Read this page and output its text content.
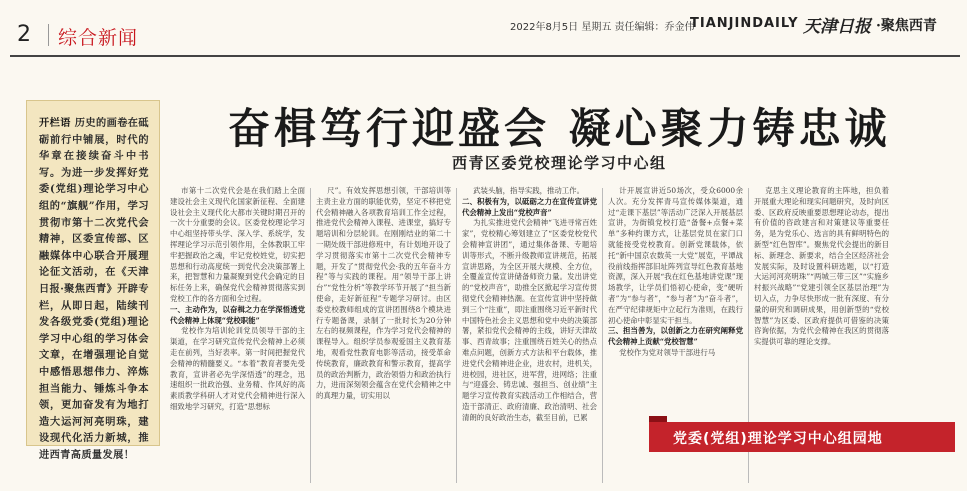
2 综合新闻	2022年8月5日 星期五 责任编辑：乔金伟
TIANJINDAILY 天津日报 ·聚焦西青

开栏语 历史的画卷在砥砺前行中铺展，时代的华章在接续奋斗中书写。为进一步发挥好党委(党组)理论学习中心组的“旗舰”作用，学习贯彻市第十二次党代会精神，区委宣传部、区融媒体中心联合开展理论征文活动，在《天津日报·聚焦西青》开辟专栏，从即日起，陆续刊发各级党委(党组)理论学习中心组的学习体会文章，在增强理论自觉中感悟思想伟力、淬炼担当能力、锤炼斗争本领，更加奋发有为地打造大运河河亮明珠，建设现代化活力新城，推进西青高质量发展！

奋楫笃行迎盛会 凝心聚力铸忠诚
西青区委党校理论学习中心组

市第十二次党代会是在我们踏上全面建设社会主义现代化国家新征程、全面建设社会主义现代化大都市关键时期召开的一次十分重要的会议。区委党校理论学习中心组坚持带头学、深入学、系统学，发挥理论学习示范引领作用，全体教职工牢牢把握政治之魂，牢记党校姓党，切实把思想和行动高度统一到党代会决策部署上来，把智慧和力量凝聚到党代会确定的目标任务上来，确保党代会精神贯彻落实到党校工作的各方面和全过程。

一、主动作为，以奋楫之力在学深悟透党代会精神上体现“党校职能”

党校作为培训轮训党员领导干部的主渠道，在学习研究宣传党代会精神上必须走在前列，当好表率。第一时间把握党代会精神的精髓要义。“本着”教育者要先受教育，宣讲者必先学深悟透”的理念，迅速组织一批政治强、业务精、作风好的高素质教学科研人才对党代会精神进行深入细致地学习研究，打造“思想标

尺”。有效发挥思想引领，干部培训等主责主业方面的职能优势，坚定不移把党代会精神融入各项教育培训工作全过程，推进党代会精神入课程、进课堂，搞好专题培训和分层轮训。在刚刚结业的第二十一期处级干部进修班中，有计划地开设了学习贯彻落实市第十二次党代会精神专题，开发了“贯彻党代会·我的五年奋斗方程”等与实践的课程。用“领导干部上讲台”“党性分析”等教学环节开展了“担当新使命，走好新征程”专题学习研讨。由区委党校教师组成的宣讲团围绕8个模块进行专题备课，录制了一批时长为20分钟左右的视频课程，作为学习党代会精神的课程导入。组织学员参观爱国主义教育基地，观看党性教育电影等活动，接受革命传统教育，廉政教育和警示教育，提高学员的政治判断力，政治领悟力和政治执行力，进而深刻领会蕴含在党代会精神之中的真理力量，切实用以

武装头脑，指导实践，推动工作。

二、积极有为，以砥砺之力在宣传宣讲党代会精神上发出“党校声音”

为扎实推进党代会精神“飞进寻常百姓家”，党校精心筹划建立了“区委党校党代会精神宣讲团”，通过集体备课、专题培训等形式，不断升级教师宣讲规范，拓展宣讲思路，为全区开展大规模、全方位，全覆盖宣传宣讲储备师资力量。发出讲党的“党校声音”，助推全区掀起学习宣传贯彻党代会精神热潮。在宣传宣讲中坚持做到三个“注重”，即注重围绕习近平新时代中国特色社会主义思想和党中央的决策部署，紧扣党代会精神的主线，讲好天津故事、西青故事；注重围绕百姓关心的热点难点问题，创新方式方法和平台载体，推进党代会精神进企业，进农村，进机关，进校园，进社区，进军营，进网络；注重与“迎盛会、铸忠诚、强担当、创业绩”主题学习宣传教育实践活动工作相结合，营造干部清正、政府清廉、政治清明、社会清朗的良好政治生态，截至目前，已累

计开展宣讲近50场次，受众6000余人次。充分发挥青马宣传媒体渠道，通过“走课下基层”等活动广泛深入开展基层宣讲，为街镇党校打造“备餐+点餐+菜单”多种约课方式，让基层党员在家门口就能接受党校教育。创新党课载体，依托“新中国京农数英一大党”展览，平谭战役前线指挥部旧址阵列宣导红色教育基地资源，深入开展“我在红色基地讲党课”现场教学，让学员们悟初心使命，变“硬听者”为“参与者”，“参与者”为“奋斗者”，在严守纪律规矩中立起行为准则，在践行初心使命中彰显实干担当。

三、担当善为，以创新之力在研究阐释党代会精神上贡献“党校智慧”

党校作为党对领导干部进行马

克思主义理论教育的主阵地，担负着开展重大理论和现实问题研究，及时向区委、区政府反映重要思想理论动态，提出有价值的咨政建言和对策建议等重要任务，是为党乐心、选言的具有鲜明特色的新型“红色智库”。聚焦党代会提出的新目标、新理念、新要求，结合全区经济社会发展实际，及时设置科研选题，以“打造大运河河亮明珠”“两城三带三区”“实施乡村振兴战略”“党建引领全区基层治理”为切入点，力争尽快形成一批有深度、有分量的研究和调研成果，用创新型的“党校智慧”为区委、区政府提供可借鉴的决策咨询依据，为党代会精神在我区的贯彻落实提供可靠的理论支撑。

党委(党组)理论学习中心组园地
